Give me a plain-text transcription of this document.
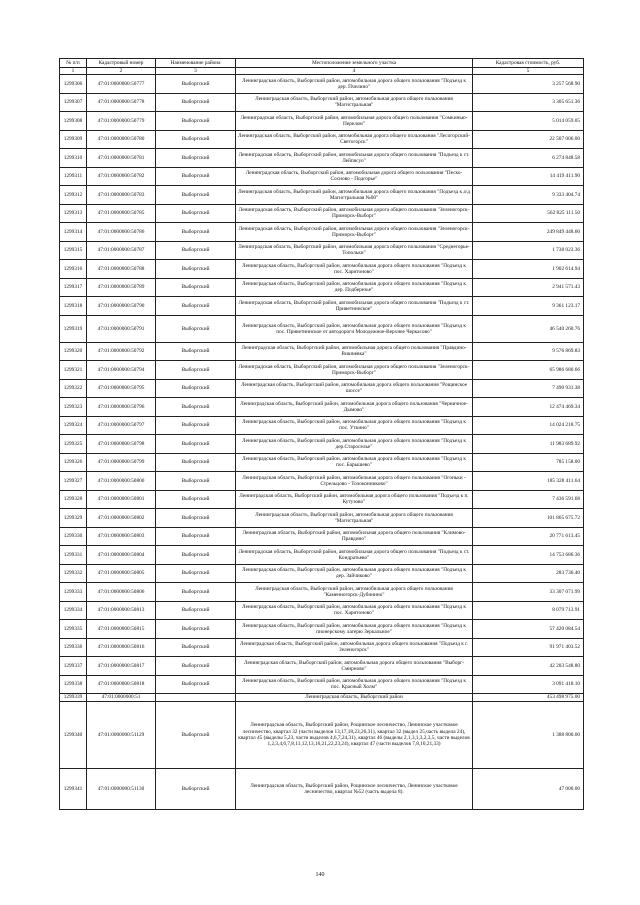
№ п/п	Кадастровый номер	Наименование района	Местоположение земельного участка	Кадастровая стоимость, руб.
1	2	3	4	5
1299306	47:01:0000000:50777	Выборгский	Ленинградская область, Выборгский район, автомобильная дорога общего пользования "Подъезд к дер. Пчелино"	3 257 568.90
1299307	47:01:0000000:50778	Выборгский	Ленинградская область, Выборгский район, автомобильная дорога общего пользования "Магистральная"	3 305 651.36
1299308	47:01:0000000:50779	Выборгский	Ленинградская область, Выборгский район, автомобильная дорога общего пользования "Сомкинью-Перелом"	5 014 059.05
1299309	47:01:0000000:50780	Выборгский	Ленинградская область, Выборгский район, автомобильная дорога общего пользования "Лесогорский-Светогорск"	22 507 006.00
1299310	47:01:0000000:50781	Выборгский	Ленинградская область, Выборгский район, автомобильная дорога общего пользования "Подъезд к ст. Лейпясуо"	6 274 848.58
1299311	47:01:0000000:50782	Выборгский	Ленинградская область, Выборгский район, автомобильная дорога общего пользования "Песко-Сосново - Подгорье"	14 419 411.90
1299312	47:01:0000000:50783	Выборгский	Ленинградская область, Выборгский район, автомобильная дорога общего пользования "Подъезд к а/д Магистральная №00"	9 333 404.74
1299313	47:01:0000000:50785	Выборгский	Ленинградская область, Выборгский район, автомобильная дорога общего пользования "Зеленогорск-Приморск-Выборг"	562 825 111.50
1299314	47:01:0000000:50786	Выборгский	Ленинградская область, Выборгский район, автомобильная дорога общего пользования "Зеленогорск-Приморск-Выборг"	249 849 448.60
1299315	47:01:0000000:50787	Выборгский	Ленинградская область, Выборгский район, автомобильная дорога общего пользования "Среднегорье-Топольки"	1 738 023.36
1299316	47:01:0000000:50788	Выборгский	Ленинградская область, Выборгский район, автомобильная дорога общего пользования "Подъезд к пос. Харитоново"	1 902 614.94
1299317	47:01:0000000:50789	Выборгский	Ленинградская область, Выборгский район, автомобильная дорога общего пользования "Подъезд к дер. Подберезье"	2 941 571.43
1299318	47:01:0000000:50790	Выборгский	Ленинградская область, Выборгский район, автомобильная дорога общего пользования "Подъезд к ст. Приветнинское"	9 361 123.17
1299319	47:01:0000000:50791	Выборгский	Ленинградская область, Выборгский район, автомобильная дорога общего пользования "Подъезд к пос. Приветнинское от автодороги Молодежное-Верхнее Черкасово"	46 540 260.76
1299320	47:01:0000000:50792	Выборгский	Ленинградская область, Выборгский район, автомобильная дорога общего пользования "Правдино-Вишневка"	9 576 869.83
1299321	47:01:0000000:50794	Выборгский	Ленинградская область, Выборгский район, автомобильная дорога общего пользования "Зеленогорск-Приморск-Выборг"	65 986 680.66
1299322	47:01:0000000:50795	Выборгский	Ленинградская область, Выборгский район, автомобильная дорога общего пользования "Рощинское шоссе"	7 490 931.38
1299323	47:01:0000000:50796	Выборгский	Ленинградская область, Выборгский район, автомобильная дорога общего пользования "Черничное-Дымово"	12 474 469.34
1299324	47:01:0000000:50797	Выборгский	Ленинградская область, Выборгский район, автомобильная дорога общего пользования "Подъезд к пос. Уткино"	14 024 218.75
1299325	47:01:0000000:50798	Выборгский	Ленинградская область, Выборгский район, автомобильная дорога общего пользования "Подъезд к дер.Староселье"	11 983 689.92
1299326	47:01:0000000:50799	Выборгский	Ленинградская область, Выборгский район, автомобильная дорога общего пользования "Подъезд к пос. Барышево"	785 158.00
1299327	47:01:0000000:50800	Выборгский	Ленинградская область, Выборгский район, автомобильная дорога общего пользования "Огоньки - Стрельцово - Толоконниково"	185 328 411.64
1299328	47:01:0000000:50801	Выборгский	Ленинградская область, Выборгский район, автомобильная дорога общего пользования "Подъезд к п. Кутузово"	7 436 591.68
1299329	47:01:0000000:50802	Выборгский	Ленинградская область, Выборгский район, автомобильная дорога общего пользования "Магистральная"	101 865 675.72
1299330	47:01:0000000:50803	Выборгский	Ленинградская область, Выборгский район, автомобильная дорога общего пользования "Климово-Правдино"	20 771 613.45
1299331	47:01:0000000:50804	Выборгский	Ленинградская область, Выборгский район, автомобильная дорога общего пользования "Подъезд к ст. Кондратьево"	14 753 686.36
1299332	47:01:0000000:50805	Выборгский	Ленинградская область, Выборгский район, автомобильная дорога общего пользования "Подъезд к дер. Зайчиково"	283 736.40
1299333	47:01:0000000:50806	Выборгский	Ленинградская область, Выборгский район, автомобильная дорога общего пользования "Каменногорск-Дубинино"	33 307 071.99
1299334	47:01:0000000:50813	Выборгский	Ленинградская область, Выборгский район, автомобильная дорога общего пользования "Подъезд к пос. Харитоново"	8 079 713.91
1299335	47:01:0000000:50815	Выборгский	Ленинградская область, Выборгский район, автомобильная дорога общего пользования "Подъезд к пионерскому лагерю Зеркальное"	57 420 084.54
1299336	47:01:0000000:50816	Выборгский	Ленинградская область, Выборгский район, автомобильная дорога общего пользования "Подъезд к г. Зеленогорск"	91 971 403.52
1299337	47:01:0000000:50817	Выборгский	Ленинградская область, Выборгский район, автомобильная дорога общего пользования "Выборг-Смирново"	42 203 548.80
1299338	47:01:0000000:50818	Выборгский	Ленинградская область, Выборгский район, автомобильная дорога общего пользования "Подъезд к пос. Красный Холм"	3 091 418.10
1299339	47:01:0000000:51		Ленинградская область, Выборгский район	453 498 975.00
1299340	47:01:0000000:51129	Выборгский	Ленинградская область, Выборгский район, Рощинское лесничество, Ленинское участковое лесничество, квартал 32 (части выделов 13,17,18,23,26,31), квартал 32 (выдел 25,часть выдела 24), квартал 45 (выделы 5,23, части выделов 4,6,7,24,31), квартал 46 (выделы 2,1,3,1,3,2,3,5, части выделов 1,2,3,4,6,7,8,11,12,13,16,21,22,23,24), квартал 47 (части выделов 7,8,10,21,33)	1 388 800.00
1299341	47:01:0000000:51130	Выборгский	Ленинградская область, Выборгский район, Рощинское лесничество, Ленинское участковое лесничество, квартал №52 (часть выдела 8).	47 000.00
140
